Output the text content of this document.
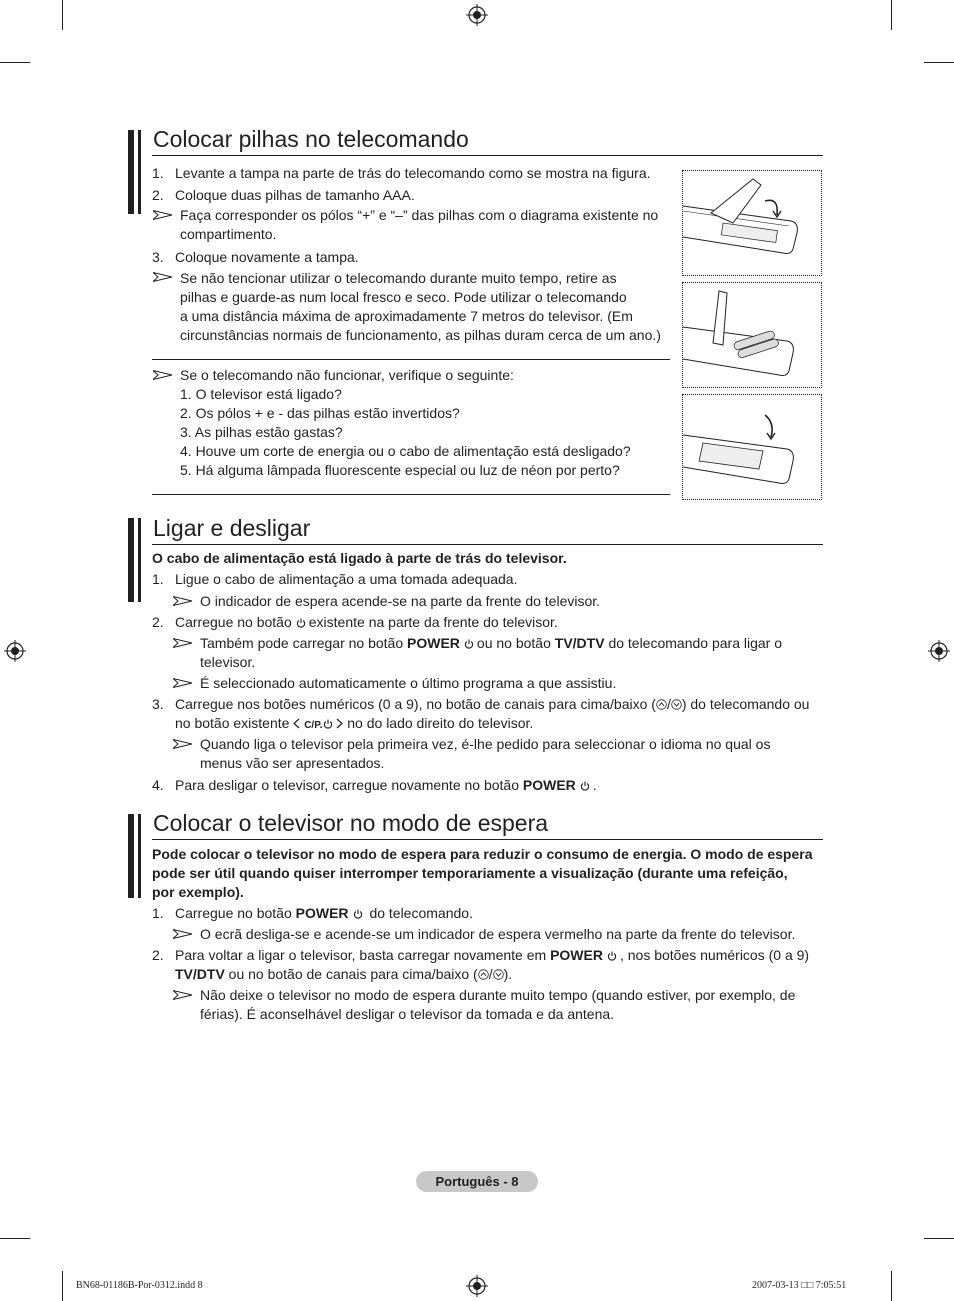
Colocar pilhas no telecomando
1. Levante a tampa na parte de trás do telecomando como se mostra na figura.
2. Coloque duas pilhas de tamanho AAA.
Faça corresponder os pólos “+” e “–” das pilhas com o diagrama existente no
compartimento.
3. Coloque novamente a tampa.
Se não tencionar utilizar o telecomando durante muito tempo, retire as
pilhas e guarde-as num local fresco e seco. Pode utilizar o telecomando
a uma distância máxima de aproximadamente 7 metros do televisor. (Em
circunstâncias normais de funcionamento, as pilhas duram cerca de um ano.)
Se o telecomando não funcionar, verifique o seguinte:
1. O televisor está ligado?
2. Os pólos + e - das pilhas estão invertidos?
3. As pilhas estão gastas?
4. Houve um corte de energia ou o cabo de alimentação está desligado?
5. Há alguma lâmpada fluorescente especial ou luz de néon por perto?
Ligar e desligar
O cabo de alimentação está ligado à parte de trás do televisor.
1. Ligue o cabo de alimentação a uma tomada adequada.
O indicador de espera acende-se na parte da frente do televisor.
2. Carregue no botão existente na parte da frente do televisor.
Também pode carregar no botão POWER ou no botão TV/DTV do telecomando para ligar o
televisor.
É seleccionado automaticamente o último programa a que assistiu.
3. Carregue nos botões numéricos (0 a 9), no botão de canais para cima/baixo ( / ) do telecomando ou
no botão existente C/P. no do lado direito do televisor.
Quando liga o televisor pela primeira vez, é-lhe pedido para seleccionar o idioma no qual os
menus vão ser apresentados.
4. Para desligar o televisor, carregue novamente no botão POWER .
Colocar o televisor no modo de espera
Pode colocar o televisor no modo de espera para reduzir o consumo de energia. O modo de espera
pode ser útil quando quiser interromper temporariamente a visualização (durante uma refeição,
por exemplo).
1. Carregue no botão POWER do telecomando.
O ecrã desliga-se e acende-se um indicador de espera vermelho na parte da frente do televisor.
2. Para voltar a ligar o televisor, basta carregar novamente em POWER , nos botões numéricos (0 a 9)
TV/DTV ou no botão de canais para cima/baixo ( / ).
Não deixe o televisor no modo de espera durante muito tempo (quando estiver, por exemplo, de
férias). É aconselhável desligar o televisor da tomada e da antena.
Português - 8
BN68-01186B-Por-0312.indd 8	2007-03-13 □□ 7:05:51
